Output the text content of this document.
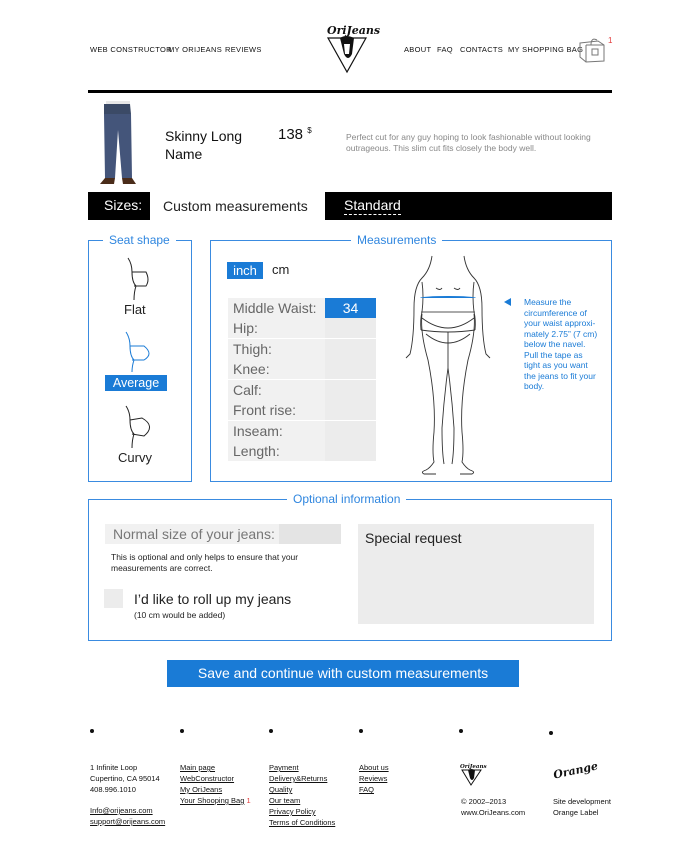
WEB CONSTRUCTOR
MY ORIJEANS REVIEWS	ABOUT FAQ CONTACTS MY SHOPPING BAG
OriJeans
1
Skinny Long
Name
138 $
Perfect cut for any guy hoping to look fashionable without looking outrageous. This slim cut fits closely the body well.
Sizes:	Custom measurements	Standard
Seat shape
Flat
Average
Curvy
Measurements
inch	cm
Middle Waist:	34
Hip:
Thigh:
Knee:
Calf:
Front rise:
Inseam:
Length:
Measure the circumference of your waist approxi-mately 2.75” (7 cm) below the navel. Pull the tape as tight as you want the jeans to fit your body.
Optional information
Normal size of your jeans:
This is optional and only helps to ensure that your measurements are correct.
I’d like to roll up my jeans
(10 cm would be added)
Special request
Save and continue with custom measurements
1 Infinite Loop
Cupertino, CA 95014
408.996.1010
Info@orijeans.com
support@orijeans.com
Main page
WebConstructor
My OriJeans
Your Shooping Bag 1
Payment
Delivery&Returns
Quality
Our team
Privacy Policy
Terms of Conditions
About us
Reviews
FAQ
OriJeans
© 2002–2013
www.OriJeans.com
Orange
Site development
Orange Label
